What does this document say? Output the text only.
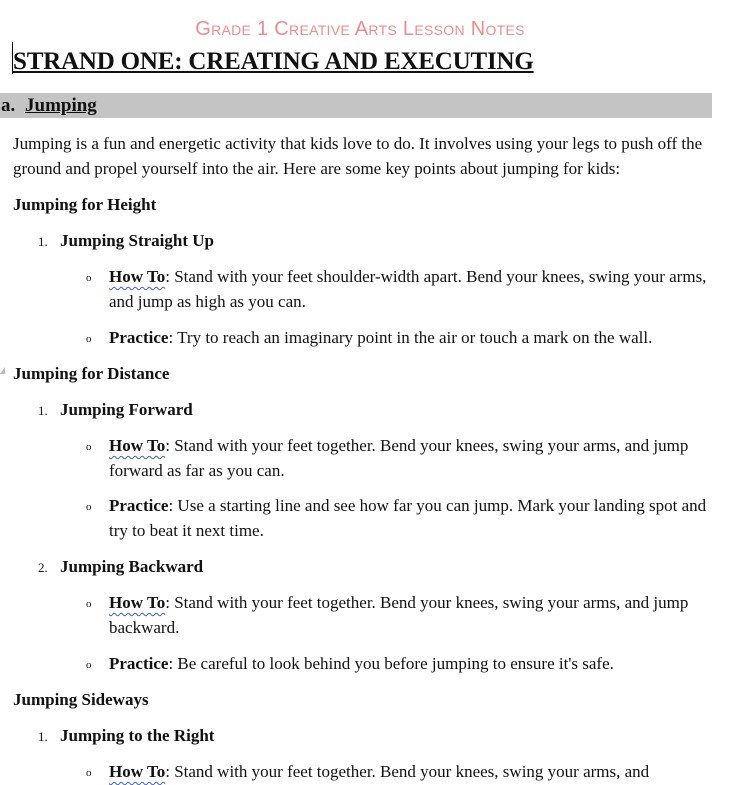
Grade 1 Creative Arts Lesson Notes
STRAND ONE: CREATING AND EXECUTING
a. Jumping
Jumping is a fun and energetic activity that kids love to do. It involves using your legs to push off the ground and propel yourself into the air. Here are some key points about jumping for kids:
Jumping for Height
1. Jumping Straight Up
o How To: Stand with your feet shoulder-width apart. Bend your knees, swing your arms, and jump as high as you can.
o Practice: Try to reach an imaginary point in the air or touch a mark on the wall.
Jumping for Distance
1. Jumping Forward
o How To: Stand with your feet together. Bend your knees, swing your arms, and jump forward as far as you can.
o Practice: Use a starting line and see how far you can jump. Mark your landing spot and try to beat it next time.
2. Jumping Backward
o How To: Stand with your feet together. Bend your knees, swing your arms, and jump backward.
o Practice: Be careful to look behind you before jumping to ensure it's safe.
Jumping Sideways
1. Jumping to the Right
o How To: Stand with your feet together. Bend your knees, swing your arms, and
